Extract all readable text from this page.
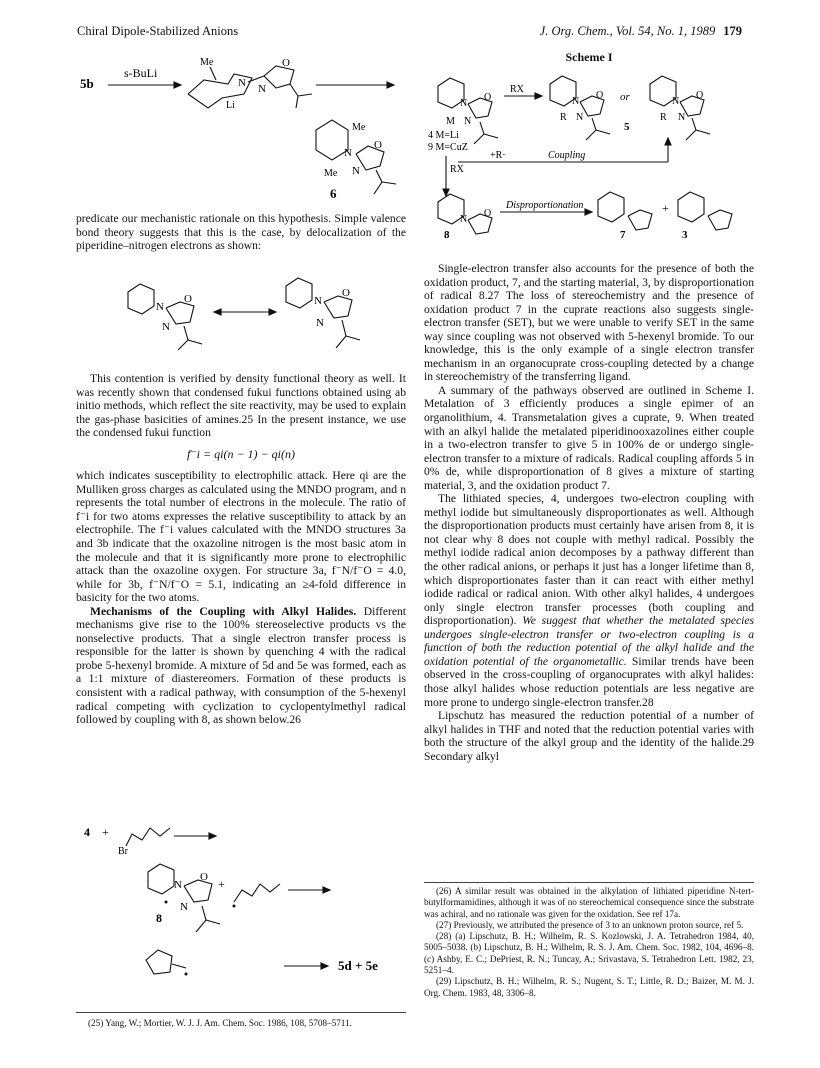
Chiral Dipole-Stabilized Anions	J. Org. Chem., Vol. 54, No. 1, 1989 179
5b
s-BuLi
Me
Li
N
O
N
Me
N
O
Me N
6

predicate our mechanistic rationale on this hypothesis. Simple valence bond theory suggests that this is the case, by delocalization of the piperidine–nitrogen electrons as shown:

N
O
N
N
O
N

This contention is verified by density functional theory as well. It was recently shown that condensed fukui functions obtained using ab initio methods, which reflect the site reactivity, may be used to explain the gas-phase basicities of amines.25 In the present instance, we use the condensed fukui function

f⁻i = qi(n − 1) − qi(n)

which indicates susceptibility to electrophilic attack. Here qi are the Mulliken gross charges as calculated using the MNDO program, and n represents the total number of electrons in the molecule. The ratio of f⁻i for two atoms expresses the relative susceptibility to attack by an electrophile. The f⁻i values calculated with the MNDO structures 3a and 3b indicate that the oxazoline nitrogen is the most basic atom in the molecule and that it is significantly more prone to electrophilic attack than the oxazoline oxygen. For structure 3a, f⁻N/f⁻O = 4.0, while for 3b, f⁻N/f⁻O = 5.1, indicating an ≥4-fold difference in basicity for the two atoms.

Mechanisms of the Coupling with Alkyl Halides. Different mechanisms give rise to the 100% stereoselective products vs the nonselective products. That a single electron transfer process is responsible for the latter is shown by quenching 4 with the radical probe 5-hexenyl bromide. A mixture of 5d and 5e was formed, each as a 1:1 mixture of diastereomers. Formation of these products is consistent with a radical pathway, with consumption of the 5-hexenyl radical competing with cyclization to cyclopentylmethyl radical followed by coupling with 8, as shown below.26

4 +
Br
N
O
N
8
+
5d + 5e

(25) Yang, W.; Mortier, W. J. J. Am. Chem. Soc. 1986, 108, 5708–5711.

Scheme I
N
O
M N
4 M=Li
9 M=CuZ
RX
N
O
R N
or	N
O
R N
5
RX
+R·	Coupling
N
O
8
Disproportionation
7
+
3

Single-electron transfer also accounts for the presence of both the oxidation product, 7, and the starting material, 3, by disproportionation of radical 8.27 The loss of stereochemistry and the presence of oxidation product 7 in the cuprate reactions also suggests single-electron transfer (SET), but we were unable to verify SET in the same way since coupling was not observed with 5-hexenyl bromide. To our knowledge, this is the only example of a single electron transfer mechanism in an organocuprate cross-coupling detected by a change in stereochemistry of the transferring ligand.

A summary of the pathways observed are outlined in Scheme I. Metalation of 3 efficiently produces a single epimer of an organolithium, 4. Transmetalation gives a cuprate, 9. When treated with an alkyl halide the metalated piperidinooxazolines either couple in a two-electron transfer to give 5 in 100% de or undergo single-electron transfer to a mixture of radicals. Radical coupling affords 5 in 0% de, while disproportionation of 8 gives a mixture of starting material, 3, and the oxidation product 7.

The lithiated species, 4, undergoes two-electron coupling with methyl iodide but simultaneously disproportionates as well. Although the disproportionation products must certainly have arisen from 8, it is not clear why 8 does not couple with methyl radical. Possibly the methyl iodide radical anion decomposes by a pathway different than the other radical anions, or perhaps it just has a longer lifetime than 8, which disproportionates faster than it can react with either methyl iodide radical or radical anion. With other alkyl halides, 4 undergoes only single electron transfer processes (both coupling and disproportionation). We suggest that whether the metalated species undergoes single-electron transfer or two-electron coupling is a function of both the reduction potential of the alkyl halide and the oxidation potential of the organometallic. Similar trends have been observed in the cross-coupling of organocuprates with alkyl halides: those alkyl halides whose reduction potentials are less negative are more prone to undergo single-electron transfer.28

Lipschutz has measured the reduction potential of a number of alkyl halides in THF and noted that the reduction potential varies with both the structure of the alkyl group and the identity of the halide.29 Secondary alkyl

(26) A similar result was obtained in the alkylation of lithiated piperidine N-tert-butylformamidines, although it was of no stereochemical consequence since the substrate was achiral, and no rationale was given for the oxidation. See ref 17a.

(27) Previously, we attributed the presence of 3 to an unknown proton source, ref 5.

(28) (a) Lipschutz, B. H.; Wilhelm, R. S. Kozlowski, J. A. Tetrahedron 1984, 40, 5005–5038. (b) Lipschutz, B. H.; Wilhelm, R. S. J. Am. Chem. Soc. 1982, 104, 4696–8. (c) Ashby, E. C.; DePriest, R. N.; Tuncay, A.; Srivastava, S. Tetrahedron Lett. 1982, 23, 5251–4.

(29) Lipschutz, B. H.; Wilhelm, R. S.; Nugent, S. T.; Little, R. D.; Baizer, M. M. J. Org. Chem. 1983, 48, 3306–8.
